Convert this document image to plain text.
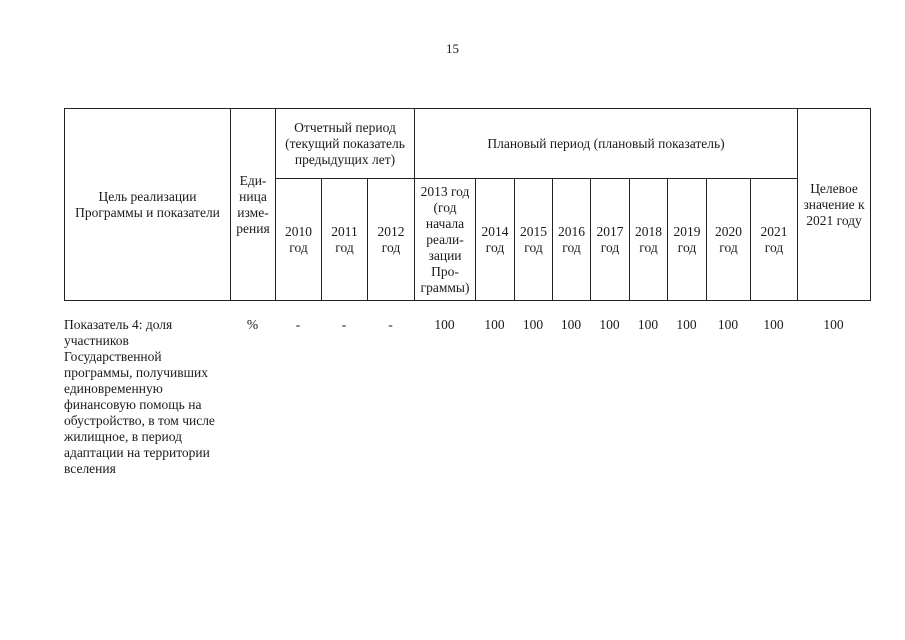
15
Цель реализации Программы и показатели	Еди-ница изме-рения	Отчетный период (текущий показатель предыдущих лет)			Плановый период (плановый показатель)									Целевое значение к 2021 году
		2010 год	2011 год	2012 год	2013 год (год начала реали-зации Про-граммы)	2014 год	2015 год	2016 год	2017 год	2018 год	2019 год	2020 год	2021 год	
Показатель 4: доля участников Государственной программы, получивших единовременную финансовую помощь на обустройство, в том числе жилищное, в период адаптации на территории вселения	%	-	-	-	100	100	100	100	100	100	100	100	100	100
